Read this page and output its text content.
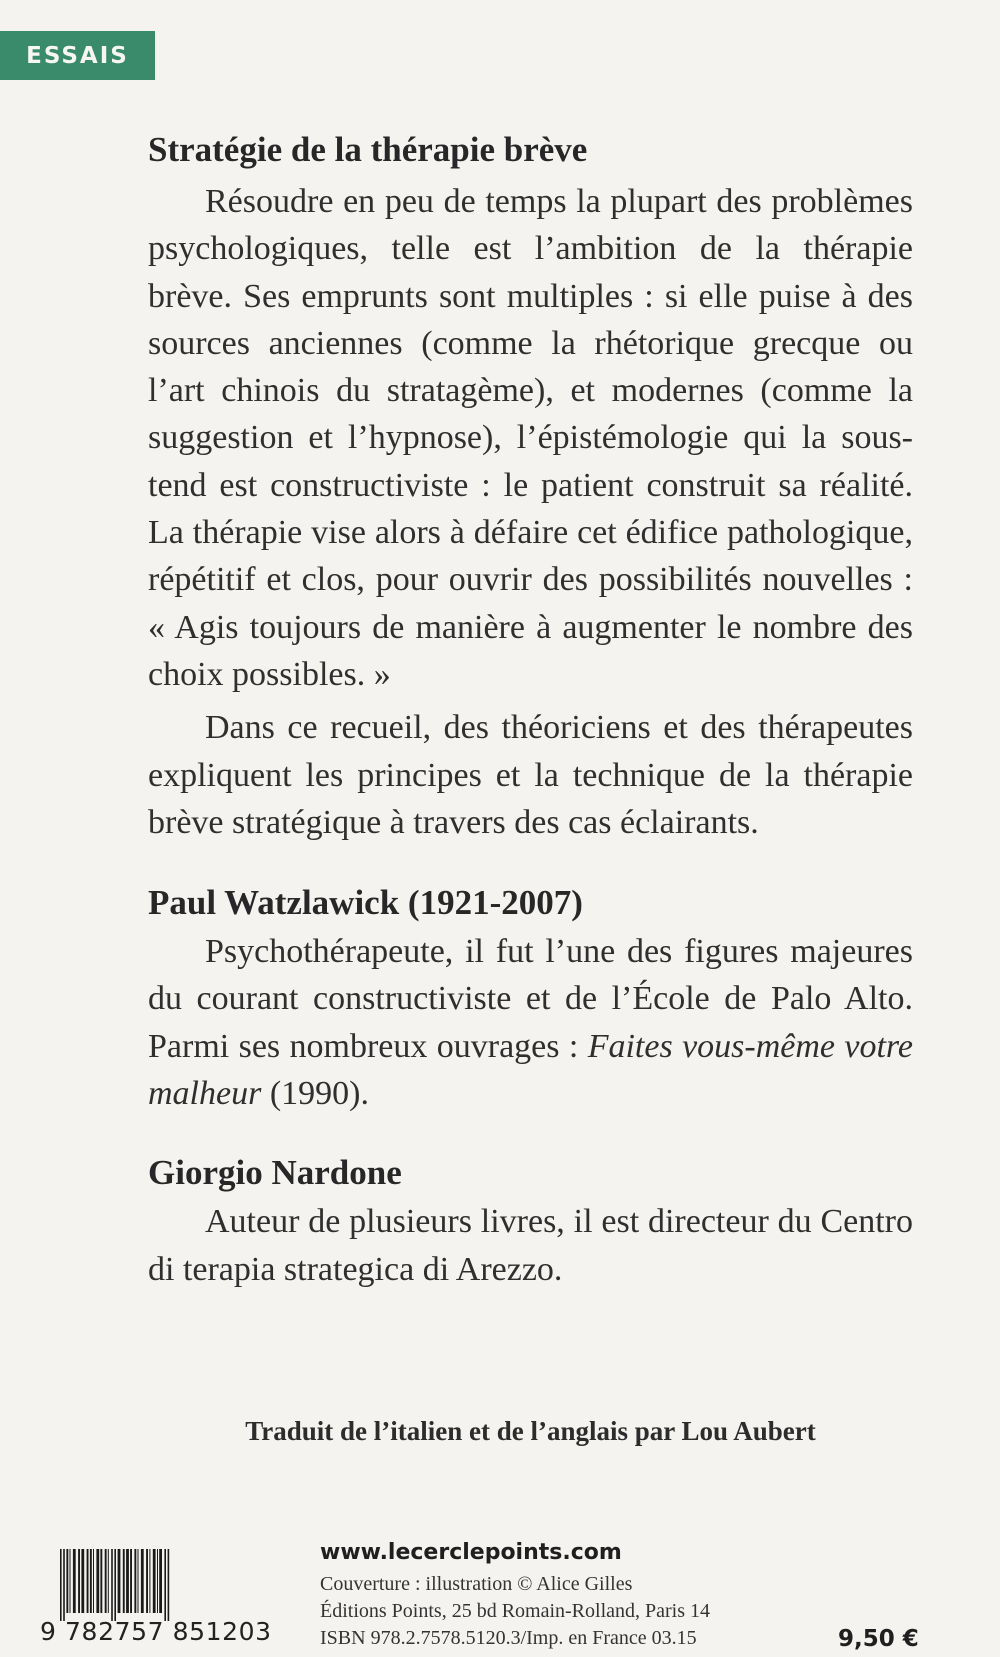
ESSAIS
Stratégie de la thérapie brève

Résoudre en peu de temps la plupart des problèmes psychologiques, telle est l’ambition de la thérapie brève. Ses emprunts sont multiples : si elle puise à des sources anciennes (comme la rhétorique grecque ou l’art chinois du stratagème), et modernes (comme la suggestion et l’hypnose), l’épistémologie qui la sous-tend est constructiviste : le patient construit sa réalité. La thérapie vise alors à défaire cet édifice pathologique, répétitif et clos, pour ouvrir des possibilités nouvelles : « Agis toujours de manière à augmenter le nombre des choix possibles. »

Dans ce recueil, des théoriciens et des thérapeutes expliquent les principes et la technique de la thérapie brève stratégique à travers des cas éclairants.

Paul Watzlawick (1921-2007)

Psychothérapeute, il fut l’une des figures majeures du courant constructiviste et de l’École de Palo Alto. Parmi ses nombreux ouvrages : Faites vous-même votre malheur (1990).

Giorgio Nardone

Auteur de plusieurs livres, il est directeur du Centro di terapia strategica di Arezzo.

Traduit de l’italien et de l’anglais par Lou Aubert
9 782757 851203
www.lecerclepoints.com
Couverture : illustration © Alice Gilles
Éditions Points, 25 bd Romain-Rolland, Paris 14
ISBN 978.2.7578.5120.3/Imp. en France 03.15	9,50 €
